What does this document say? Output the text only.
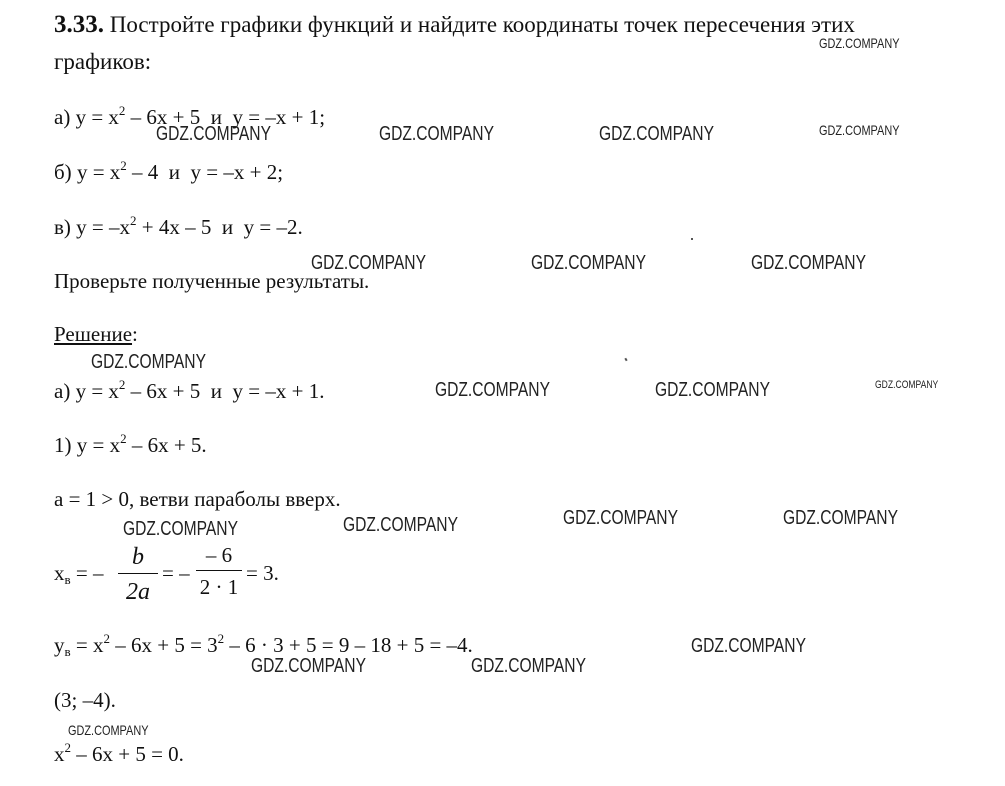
3.33. Постройте графики функций и найдите координаты точек пересечения этих
графиков:
а) $y = x^2 - 6x + 5$ и y = –x + 1;
б) $y = x^2 - 4$ и y = –x + 2;
в) $y = -x^2 + 4x - 5$ и y = –2.
Проверьте полученные результаты.
Решение:
а) $y = x^2 - 6x + 5$ и y = –x + 1.
1) $y = x^2 - 6x + 5$.
a = 1 > 0, ветви параболы вверх.
$x_в$ = –
b
2a
= –
– 6
2 · 1
= 3.
$y_в = x^2 - 6x + 5 = 3^2 - 6 \cdot 3 + 5 = 9 - 18 + 5 = -4$.
(3; –4).
$x^2 - 6x + 5 = 0$.
GDZ.COMPANY
GDZ.COMPANY	GDZ.COMPANY	GDZ.COMPANY	GDZ.COMPANY
GDZ.COMPANY	GDZ.COMPANY	GDZ.COMPANY
GDZ.COMPANY
GDZ.COMPANY	GDZ.COMPANY	GDZ.COMPANY
GDZ.COMPANY	GDZ.COMPANY	GDZ.COMPANY	GDZ.COMPANY
GDZ.COMPANY
GDZ.COMPANY	GDZ.COMPANY
GDZ.COMPANY
